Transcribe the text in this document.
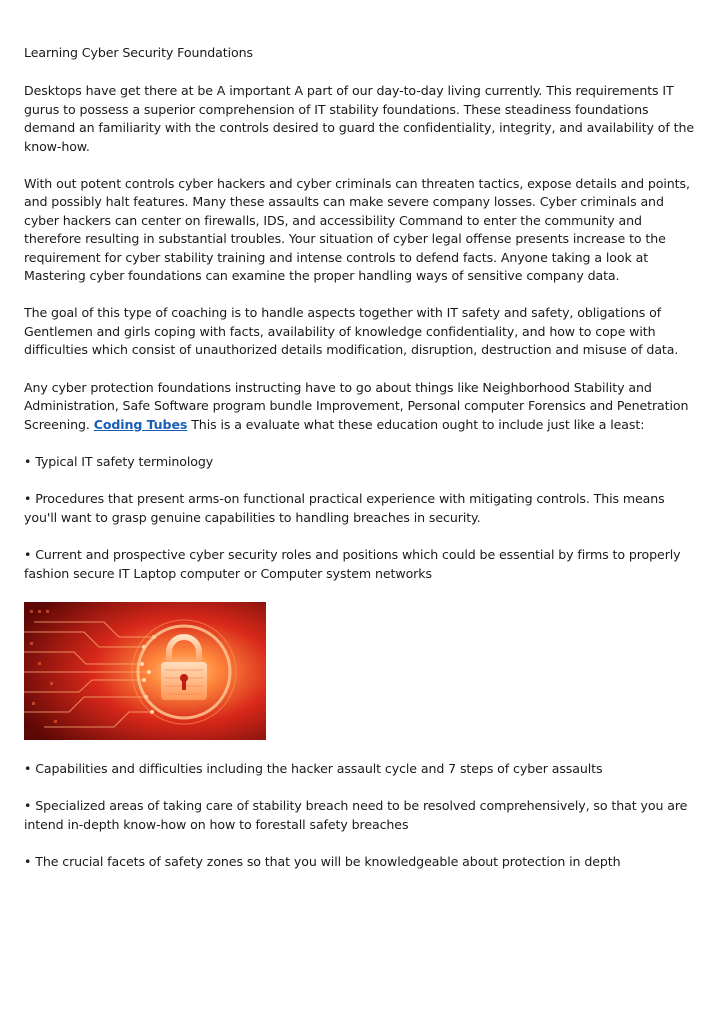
Learning Cyber Security Foundations

Desktops have get there at be A important A part of our day-to-day living currently. This requirements IT gurus to possess a superior comprehension of IT stability foundations. These steadiness foundations demand an familiarity with the controls desired to guard the confidentiality, integrity, and availability of the know-how.

With out potent controls cyber hackers and cyber criminals can threaten tactics, expose details and points, and possibly halt features. Many these assaults can make severe company losses. Cyber criminals and cyber hackers can center on firewalls, IDS, and accessibility Command to enter the community and therefore resulting in substantial troubles. Your situation of cyber legal offense presents increase to the requirement for cyber stability training and intense controls to defend facts. Anyone taking a look at Mastering cyber foundations can examine the proper handling ways of sensitive company data.

The goal of this type of coaching is to handle aspects together with IT safety and safety, obligations of Gentlemen and girls coping with facts, availability of knowledge confidentiality, and how to cope with difficulties which consist of unauthorized details modification, disruption, destruction and misuse of data.

Any cyber protection foundations instructing have to go about things like Neighborhood Stability and Administration, Safe Software program bundle Improvement, Personal computer Forensics and Penetration Screening. Coding Tubes This is a evaluate what these education ought to include just like a least:

• Typical IT safety terminology

• Procedures that present arms-on functional practical experience with mitigating controls. This means you'll want to grasp genuine capabilities to handling breaches in security.

• Current and prospective cyber security roles and positions which could be essential by firms to properly fashion secure IT Laptop computer or Computer system networks

• Capabilities and difficulties including the hacker assault cycle and 7 steps of cyber assaults

• Specialized areas of taking care of stability breach need to be resolved comprehensively, so that you are intend in-depth know-how on how to forestall safety breaches

• The crucial facets of safety zones so that you will be knowledgeable about protection in depth
